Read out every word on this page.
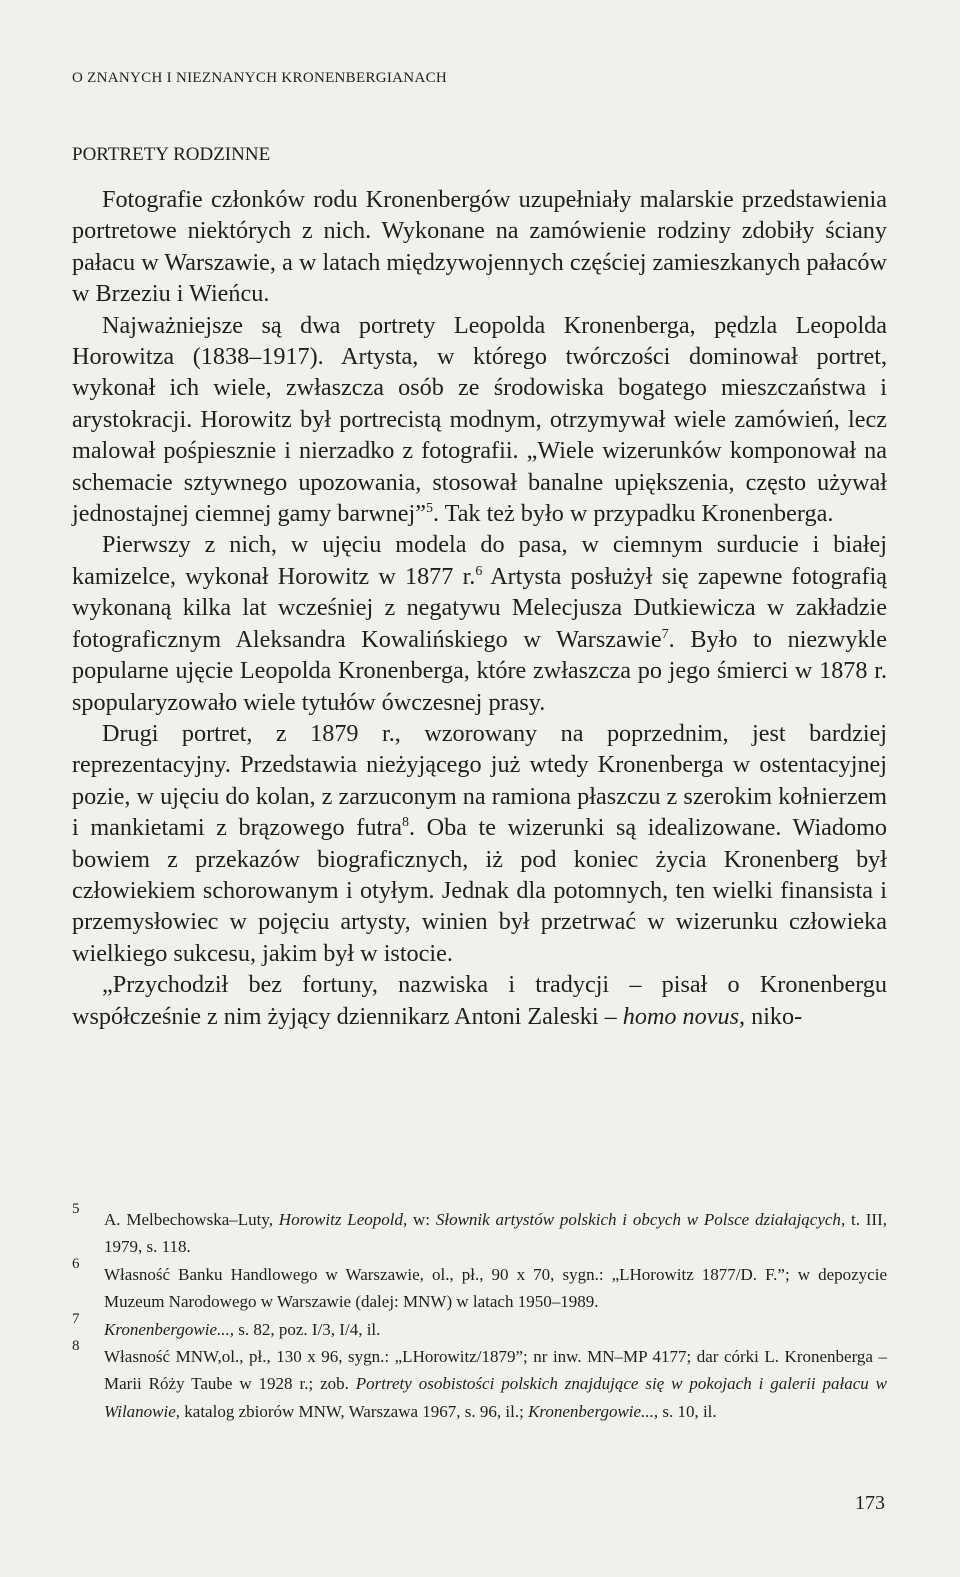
O ZNANYCH I NIEZNANYCH KRONENBERGIANACH
PORTRETY RODZINNE

Fotografie członków rodu Kronenbergów uzupełniały malarskie przedstawienia portretowe niektórych z nich. Wykonane na zamówienie rodziny zdobiły ściany pałacu w Warszawie, a w latach międzywojennych częściej zamieszkanych pałaców w Brzeziu i Wieńcu.

Najważniejsze są dwa portrety Leopolda Kronenberga, pędzla Leopolda Horowitza (1838–1917). Artysta, w którego twórczości dominował portret, wykonał ich wiele, zwłaszcza osób ze środowiska bogatego mieszczaństwa i arystokracji. Horowitz był portrecistą modnym, otrzymywał wiele zamówień, lecz malował pośpiesznie i nierzadko z fotografii. „Wiele wizerunków komponował na schemacie sztywnego upozowania, stosował banalne upiększenia, często używał jednostajnej ciemnej gamy barwnej”$^5$. Tak też było w przypadku Kronenberga.

Pierwszy z nich, w ujęciu modela do pasa, w ciemnym surducie i białej kamizelce, wykonał Horowitz w 1877 r.$^6$ Artysta posłużył się zapewne fotografią wykonaną kilka lat wcześniej z negatywu Melecjusza Dutkiewicza w zakładzie fotograficznym Aleksandra Kowalińskiego w Warszawie$^7$. Było to niezwykle popularne ujęcie Leopolda Kronenberga, które zwłaszcza po jego śmierci w 1878 r. spopularyzowało wiele tytułów ówczesnej prasy.

Drugi portret, z 1879 r., wzorowany na poprzednim, jest bardziej reprezentacyjny. Przedstawia nieżyjącego już wtedy Kronenberga w ostentacyjnej pozie, w ujęciu do kolan, z zarzuconym na ramiona płaszczu z szerokim kołnierzem i mankietami z brązowego futra$^8$. Oba te wizerunki są idealizowane. Wiadomo bowiem z przekazów biograficznych, iż pod koniec życia Kronenberg był człowiekiem schorowanym i otyłym. Jednak dla potomnych, ten wielki finansista i przemysłowiec w pojęciu artysty, winien był przetrwać w wizerunku człowieka wielkiego sukcesu, jakim był w istocie.

„Przychodził bez fortuny, nazwiska i tradycji – pisał o Kronenbergu współcześnie z nim żyjący dziennikarz Antoni Zaleski – homo novus, niko-

5
A. Melbechowska–Luty, Horowitz Leopold, w: Słownik artystów polskich i obcych w Polsce działających, t. III, 1979, s. 118.
6
Własność Banku Handlowego w Warszawie, ol., pł., 90 x 70, sygn.: „LHorowitz 1877/D. F.”; w depozycie Muzeum Narodowego w Warszawie (dalej: MNW) w latach 1950–1989.
7
Kronenbergowie..., s. 82, poz. I/3, I/4, il.
8
Własność MNW,ol., pł., 130 x 96, sygn.: „LHorowitz/1879”; nr inw. MN–MP 4177; dar córki L. Kronenberga – Marii Róży Taube w 1928 r.; zob. Portrety osobistości polskich znajdujące się w pokojach i galerii pałacu w Wilanowie, katalog zbiorów MNW, Warszawa 1967, s. 96, il.; Kronenbergowie..., s. 10, il.
173
